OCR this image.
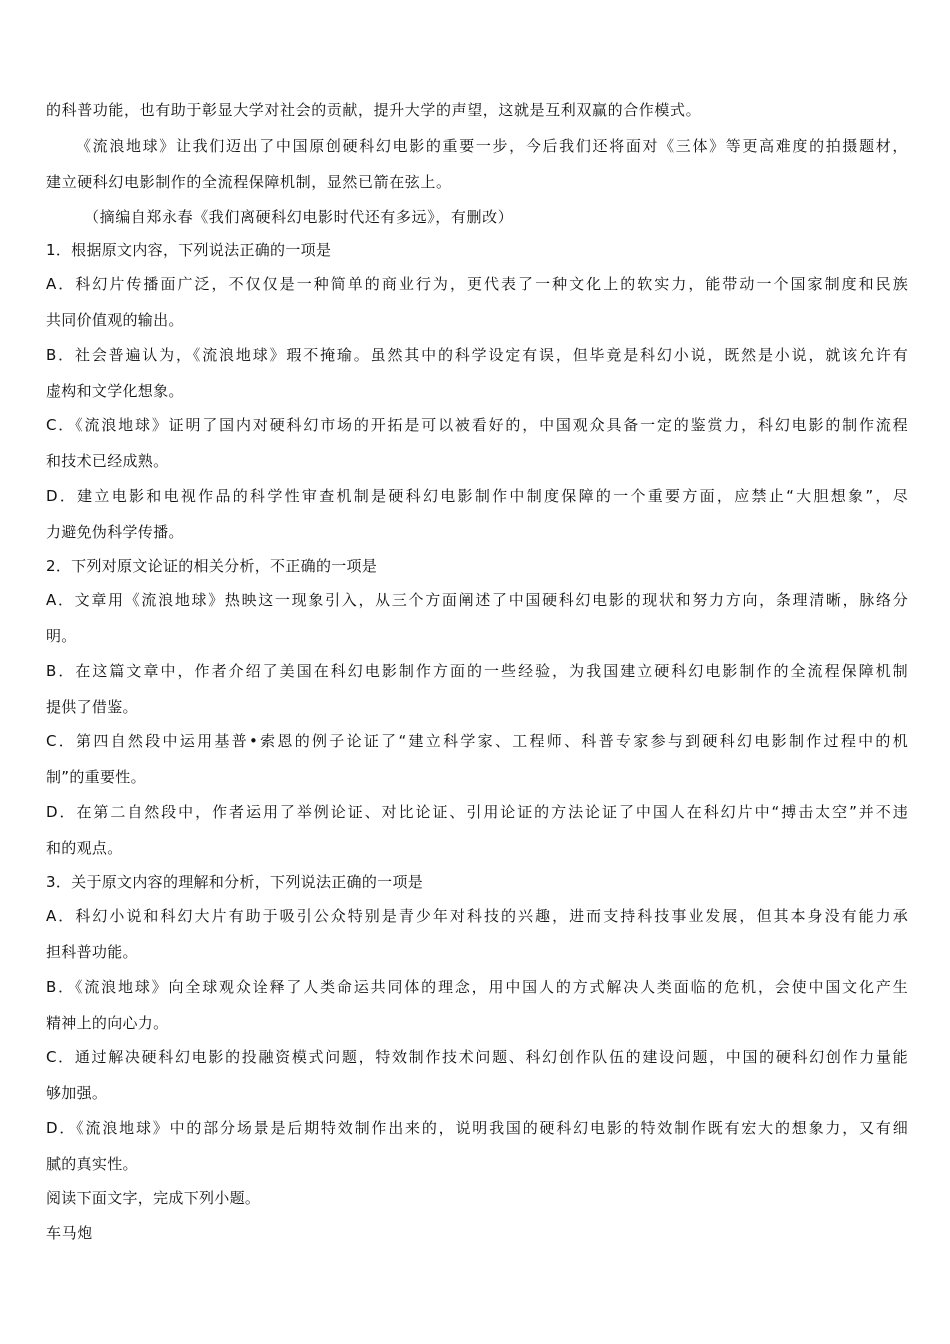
的科普功能，也有助于彰显大学对社会的贡献，提升大学的声望，这就是互利双赢的合作模式。
《流浪地球》让我们迈出了中国原创硬科幻电影的重要一步，今后我们还将面对《三体》等更高难度的拍摄题材，
建立硬科幻电影制作的全流程保障机制，显然已箭在弦上。
（摘编自郑永春《我们离硬科幻电影时代还有多远》，有删改）
1．根据原文内容，下列说法正确的一项是
A．科幻片传播面广泛，不仅仅是一种简单的商业行为，更代表了一种文化上的软实力，能带动一个国家制度和民族
共同价值观的输出。
B．社会普遍认为，《流浪地球》瑕不掩瑜。虽然其中的科学设定有误，但毕竟是科幻小说，既然是小说，就该允许有
虚构和文学化想象。
C．《流浪地球》证明了国内对硬科幻市场的开拓是可以被看好的，中国观众具备一定的鉴赏力，科幻电影的制作流程
和技术已经成熟。
D．建立电影和电视作品的科学性审查机制是硬科幻电影制作中制度保障的一个重要方面，应禁止“大胆想象”，尽
力避免伪科学传播。
2．下列对原文论证的相关分析，不正确的一项是
A．文章用《流浪地球》热映这一现象引入，从三个方面阐述了中国硬科幻电影的现状和努力方向，条理清晰，脉络分
明。
B．在这篇文章中，作者介绍了美国在科幻电影制作方面的一些经验，为我国建立硬科幻电影制作的全流程保障机制
提供了借鉴。
C．第四自然段中运用基普•索恩的例子论证了“建立科学家、工程师、科普专家参与到硬科幻电影制作过程中的机
制”的重要性。
D．在第二自然段中，作者运用了举例论证、对比论证、引用论证的方法论证了中国人在科幻片中“搏击太空”并不违
和的观点。
3．关于原文内容的理解和分析，下列说法正确的一项是
A．科幻小说和科幻大片有助于吸引公众特别是青少年对科技的兴趣，进而支持科技事业发展，但其本身没有能力承
担科普功能。
B．《流浪地球》向全球观众诠释了人类命运共同体的理念，用中国人的方式解决人类面临的危机，会使中国文化产生
精神上的向心力。
C．通过解决硬科幻电影的投融资模式问题，特效制作技术问题、科幻创作队伍的建设问题，中国的硬科幻创作力量能
够加强。
D．《流浪地球》中的部分场景是后期特效制作出来的，说明我国的硬科幻电影的特效制作既有宏大的想象力，又有细
腻的真实性。
阅读下面文字，完成下列小题。
车马炮
